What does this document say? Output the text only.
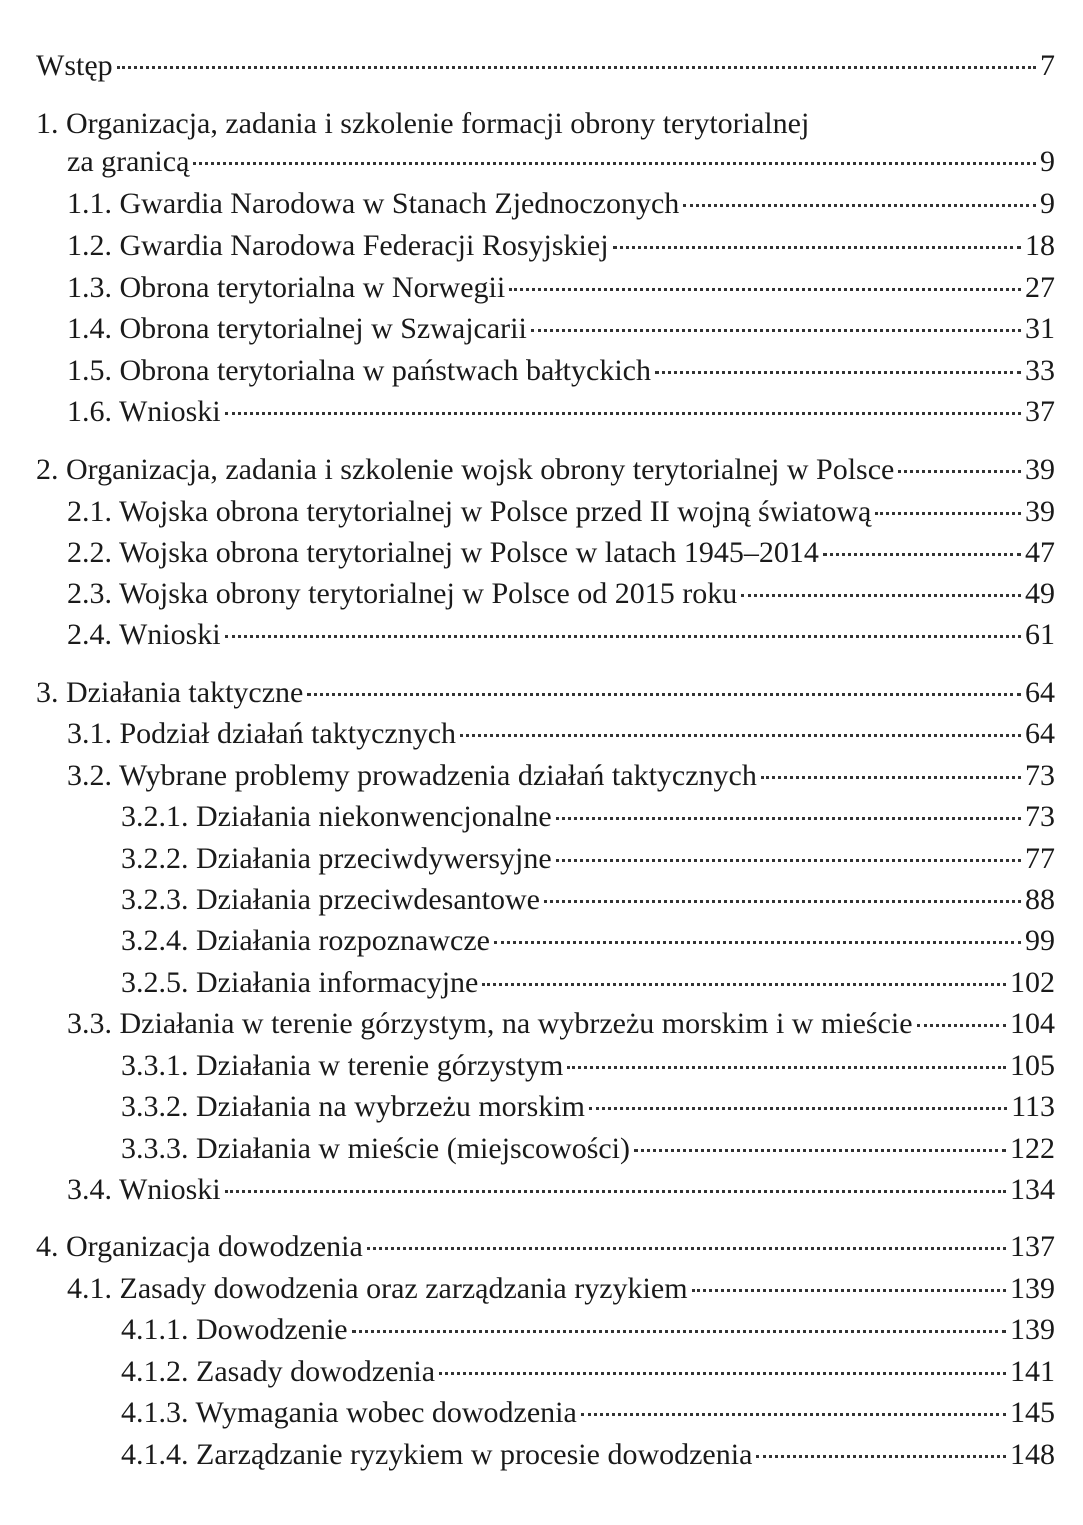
Wstęp	7
1. Organizacja, zadania i szkolenie formacji obrony terytorialnej
za granicą	9
1.1. Gwardia Narodowa w Stanach Zjednoczonych	9
1.2. Gwardia Narodowa Federacji Rosyjskiej	18
1.3. Obrona terytorialna w Norwegii	27
1.4. Obrona terytorialnej w Szwajcarii	31
1.5. Obrona terytorialna w państwach bałtyckich	33
1.6. Wnioski	37
2. Organizacja, zadania i szkolenie wojsk obrony terytorialnej w Polsce	39
2.1. Wojska obrona terytorialnej w Polsce przed II wojną światową	39
2.2. Wojska obrona terytorialnej w Polsce w latach 1945–2014	47
2.3. Wojska obrony terytorialnej w Polsce od 2015 roku	49
2.4. Wnioski	61
3. Działania taktyczne	64
3.1. Podział działań taktycznych	64
3.2. Wybrane problemy prowadzenia działań taktycznych	73
3.2.1. Działania niekonwencjonalne	73
3.2.2. Działania przeciwdywersyjne	77
3.2.3. Działania przeciwdesantowe	88
3.2.4. Działania rozpoznawcze	99
3.2.5. Działania informacyjne	102
3.3. Działania w terenie górzystym, na wybrzeżu morskim i w mieście	104
3.3.1. Działania w terenie górzystym	105
3.3.2. Działania na wybrzeżu morskim	113
3.3.3. Działania w mieście (miejscowości)	122
3.4. Wnioski	134
4. Organizacja dowodzenia	137
4.1. Zasady dowodzenia oraz zarządzania ryzykiem	139
4.1.1. Dowodzenie	139
4.1.2. Zasady dowodzenia	141
4.1.3. Wymagania wobec dowodzenia	145
4.1.4. Zarządzanie ryzykiem w procesie dowodzenia	148
